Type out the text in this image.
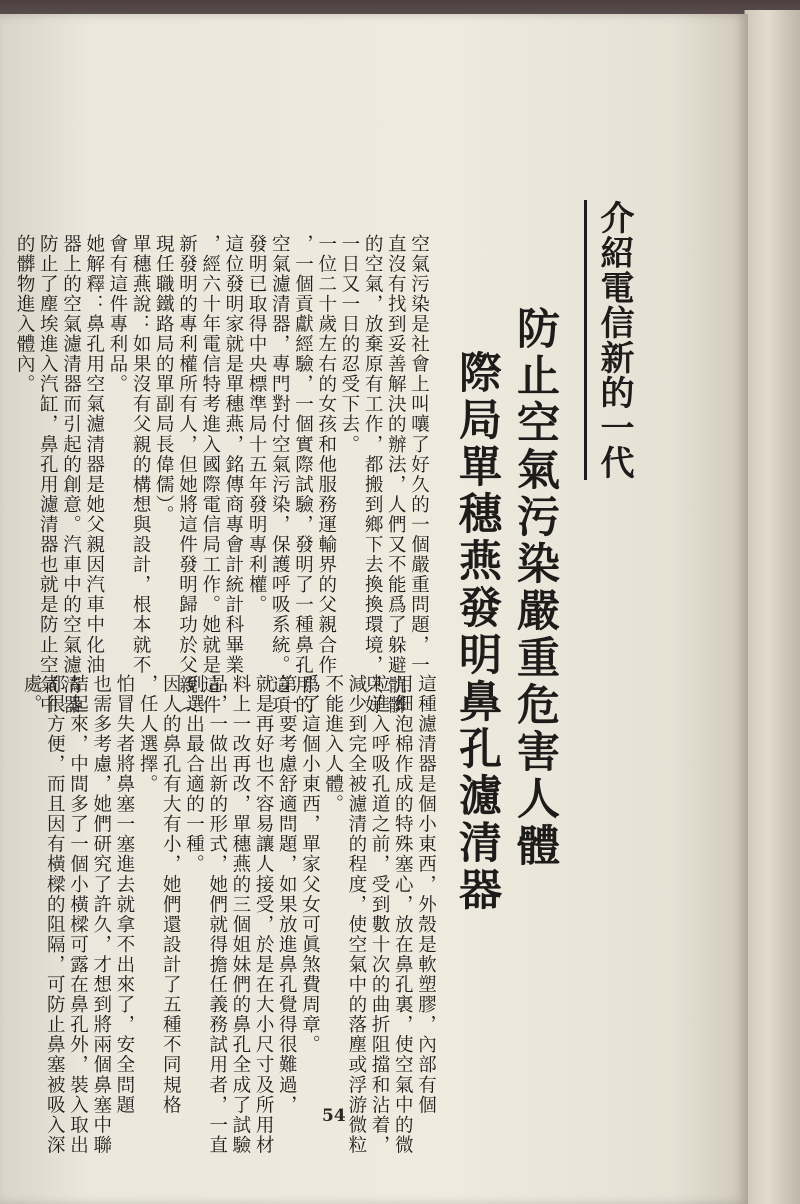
介紹電信新的一代
防止空氣污染嚴重危害人體
際局單穗燕發明鼻孔濾清器
空氣污染是社會上叫嚷了好久的一個嚴重問題，一
直沒有找到妥善解決的辦法，人們又不能爲了躲避骯髒
的空氣，放棄原有工作，都搬到鄉下去換換環境，只好
一日又一日的忍受下去。
一位二十歲左右的女孩和他服務運輸界的父親合作
，一個貢獻經驗，一個實際試驗，發明了一種鼻孔用的
空氣濾清器，專門對付空氣污染，保護呼吸系統。這項
發明已取得中央標準局十五年發明專利權。
這位發明家就是單穗燕，銘傳商專會計統計科畢業
，經六十年電信特考進入國際電信局工作。她就是這件
新發明的專利權所有人，但她將這件發明歸功於父親（
現任職鐵路局的單副局長偉儒）。
單穗燕說：如果沒有父親的構想與設計，根本就不
會有這件專利品。
她解釋：鼻孔用空氣濾清器是她父親因汽車中化油
器上的空氣濾清器而引起的創意。汽車中的空氣濾清器
防止了塵埃進入汽缸，鼻孔用濾清器也就是防止空氣中
的髒物進入體內。
這種濾清器是個小東西，外殼是軟塑膠，內部有個
用細泡棉作成的特殊塞心，放在鼻孔裏，使空氣中的微
粒進入呼吸孔道之前，受到數十次的曲折阻擋和沾着，
減少到完全被濾清的程度，使空氣中的落塵或浮游微粒
不能進入人體。
爲了這個小東西，單家父女可眞煞費周章。
第一要考慮舒適問題，如果放進鼻孔覺得很難過，
就是再好也不容易讓人接受，於是在大小尺寸及所用材
料上一改再改，單穗燕的三個姐妹們的鼻孔全成了試驗
品，一做出新的形式，她們就得擔任義務試用者，一直
到選出最合適的一種。
因人的鼻孔有大有小，她們還設計了五種不同規格
，任人選擇。
怕冒失者將鼻塞一塞進去就拿不出來了，安全問題
也需多考慮，她們研究了許久，才想到將兩個鼻塞中聯
結起來，中間多了一個小橫樑可露在鼻孔外，裝入取出
都很方便，而且因有橫樑的阻隔，可防止鼻塞被吸入深
處。
54
